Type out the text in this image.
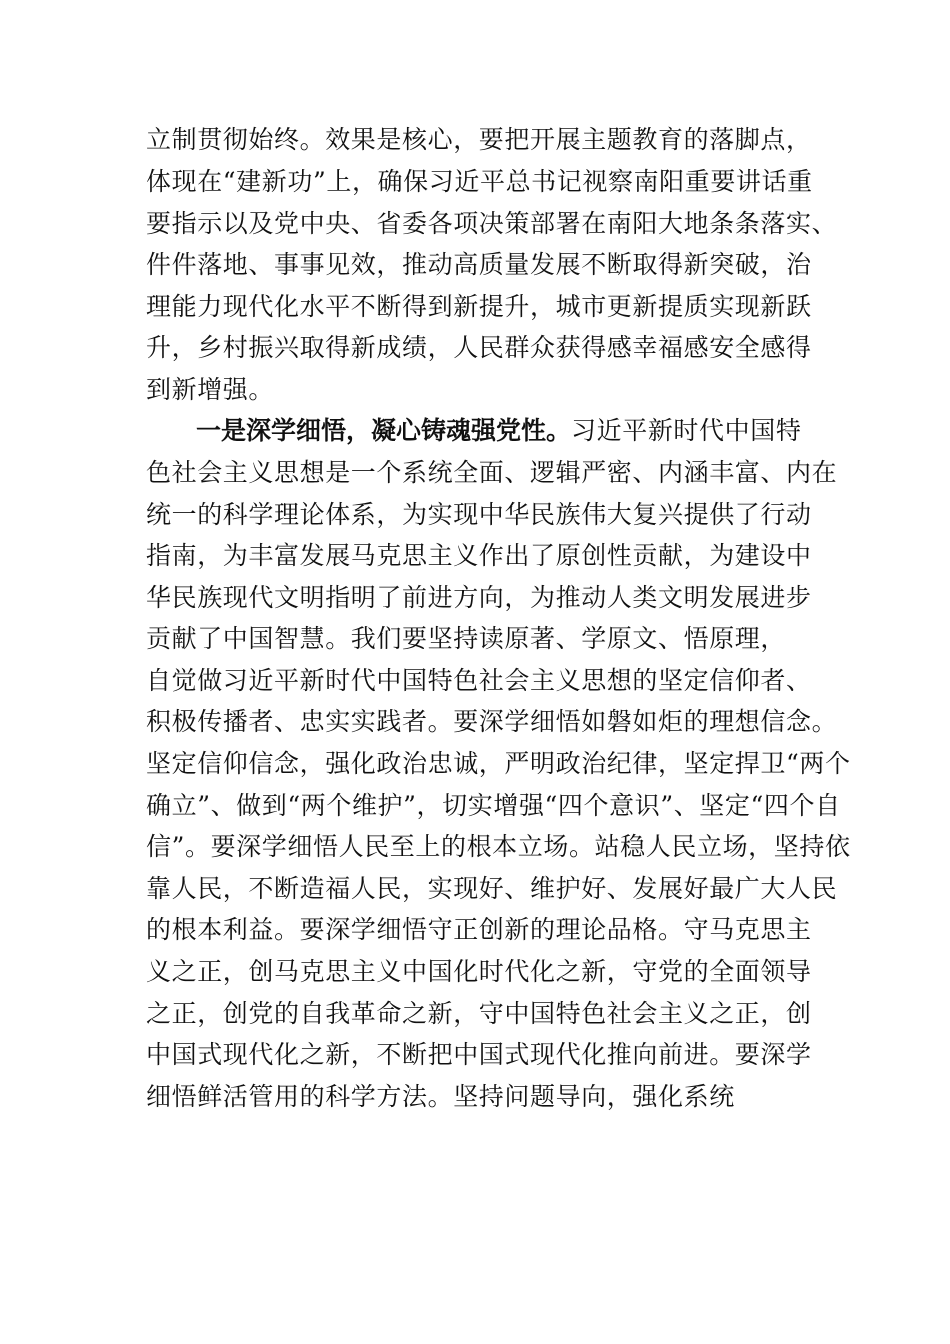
立制贯彻始终。效果是核心，要把开展主题教育的落脚点，
体现在“建新功”上，确保习近平总书记视察南阳重要讲话重
要指示以及党中央、省委各项决策部署在南阳大地条条落实、
件件落地、事事见效，推动高质量发展不断取得新突破，治
理能力现代化水平不断得到新提升，城市更新提质实现新跃
升，乡村振兴取得新成绩，人民群众获得感幸福感安全感得
到新增强。
一是深学细悟，凝心铸魂强党性。习近平新时代中国特
色社会主义思想是一个系统全面、逻辑严密、内涵丰富、内在
统一的科学理论体系，为实现中华民族伟大复兴提供了行动
指南，为丰富发展马克思主义作出了原创性贡献，为建设中
华民族现代文明指明了前进方向，为推动人类文明发展进步
贡献了中国智慧。我们要坚持读原著、学原文、悟原理，
自觉做习近平新时代中国特色社会主义思想的坚定信仰者、
积极传播者、忠实实践者。要深学细悟如磐如炬的理想信念。
坚定信仰信念，强化政治忠诚，严明政治纪律，坚定捍卫“两个
确立”、做到“两个维护”，切实增强“四个意识”、坚定“四个自
信”。要深学细悟人民至上的根本立场。站稳人民立场，坚持依
靠人民，不断造福人民，实现好、维护好、发展好最广大人民
的根本利益。要深学细悟守正创新的理论品格。守马克思主
义之正，创马克思主义中国化时代化之新，守党的全面领导
之正，创党的自我革命之新，守中国特色社会主义之正，创
中国式现代化之新，不断把中国式现代化推向前进。要深学
细悟鲜活管用的科学方法。坚持问题导向，强化系统
